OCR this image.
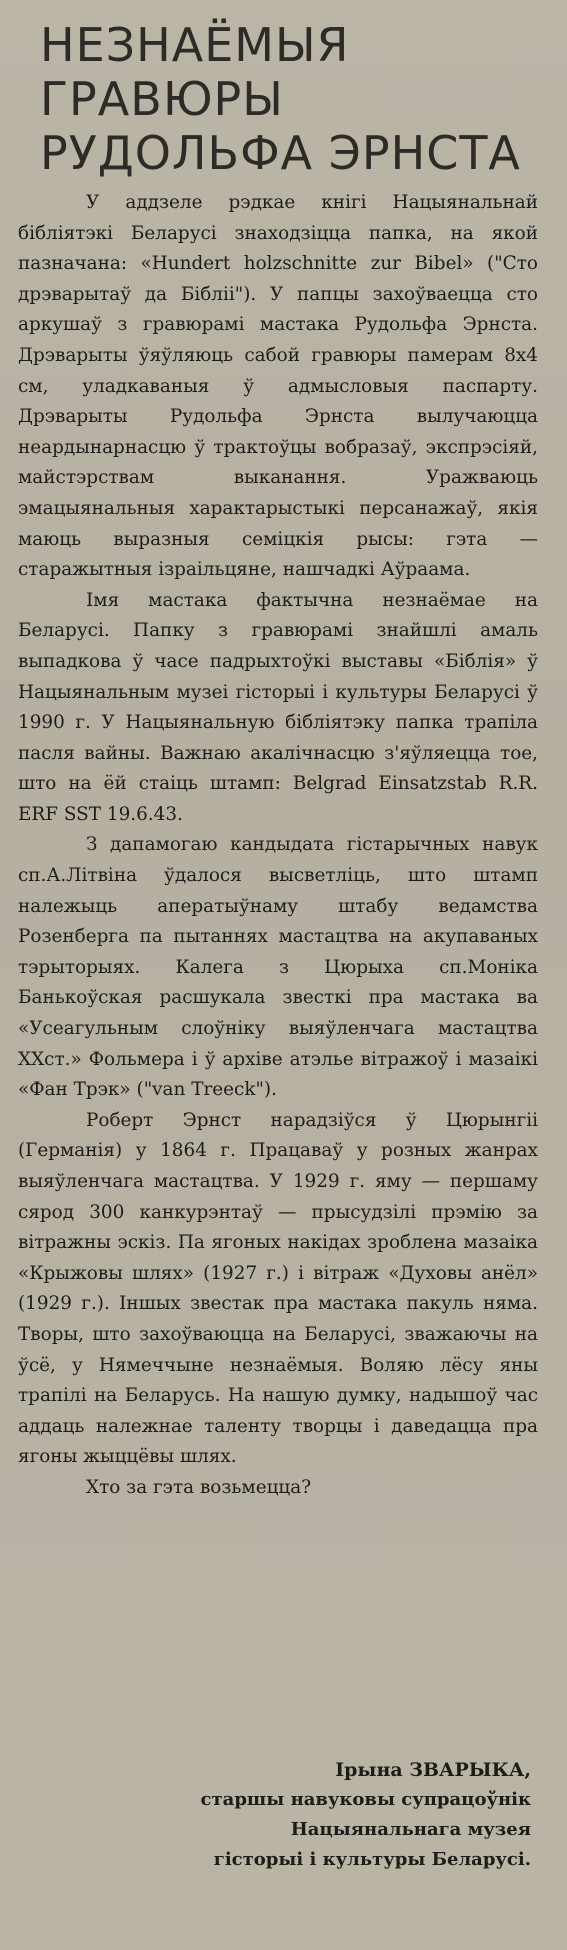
НЕЗНАЁМЫЯ
ГРАВЮРЫ
РУДОЛЬФА ЭРНСТА

У аддзеле рэдкае кнігі Нацыянальнай бібліятэкі Беларусі знаходзіцца папка, на якой пазначана: «Hundert holzschnitte zur Bibel» ("Сто дрэварытаў да Бібліі"). У папцы захоўваецца сто аркушаў з гравюрамі мастака Рудольфа Эрнста. Дрэварыты ўяўляюць сабой гравюры памерам 8х4 см, уладкаваныя ў адмысловыя паспарту. Дрэварыты Рудольфа Эрнста вылучаюцца неардынарнасцю ў трактоўцы вобразаў, экспрэсіяй, майстэрствам выканання. Уражваюць эмацыянальныя характарыстыкі персанажаў, якія маюць выразныя семіцкія рысы: гэта — старажытныя ізраільцяне, нашчадкі Аўраама.

Імя мастака фактычна незнаёмае на Беларусі. Папку з гравюрамі знайшлі амаль выпадкова ў часе падрыхтоўкі выставы «Біблія» ў Нацыянальным музеі гісторыі і культуры Беларусі ў 1990 г. У Нацыянальную бібліятэку папка трапіла пасля вайны. Важнаю акалічнасцю з'яўляецца тое, што на ёй стаіць штамп: Belgrad Einsatzstab R.R. ERF SST 19.6.43.

З дапамогаю кандыдата гістарычных навук сп.А.Літвіна ўдалося высветліць, што штамп належыць аператыўнаму штабу ведамства Розенберга па пытаннях мастацтва на акупаваных тэрыторыях. Калега з Цюрыха сп.Моніка Банькоўская расшукала звесткі пра мастака ва «Усеагульным слоўніку выяўленчага мастацтва ХХст.» Фольмера і ў архіве атэльe вітражоў і мазаікі «Фан Трэк» ("van Treeck").

Роберт Эрнст нарадзіўся ў Цюрынгіі (Германія) у 1864 г. Працаваў у розных жанрах выяўленчага мастацтва. У 1929 г. яму — першаму сярод 300 канкурэнтаў — прысудзілі прэмію за вітражны эскіз. Па ягоных накідах зроблена мазаіка «Крыжовы шлях» (1927 г.) і вітраж «Духовы анёл» (1929 г.). Іншых звестак пра мастака пакуль няма. Творы, што захоўваюцца на Беларусі, зважаючы на ўсё, у Нямеччыне незнаёмыя. Воляю лёсу яны трапілі на Беларусь. На нашую думку, надышоў час аддаць належнае таленту творцы і даведацца пра ягоны жыццёвы шлях.

Хто за гэта возьмецца?

Ірына ЗВАРЫКА,
старшы навуковы супрацоўнік
Нацыянальнага музея
гісторыі і культуры Беларусі.
